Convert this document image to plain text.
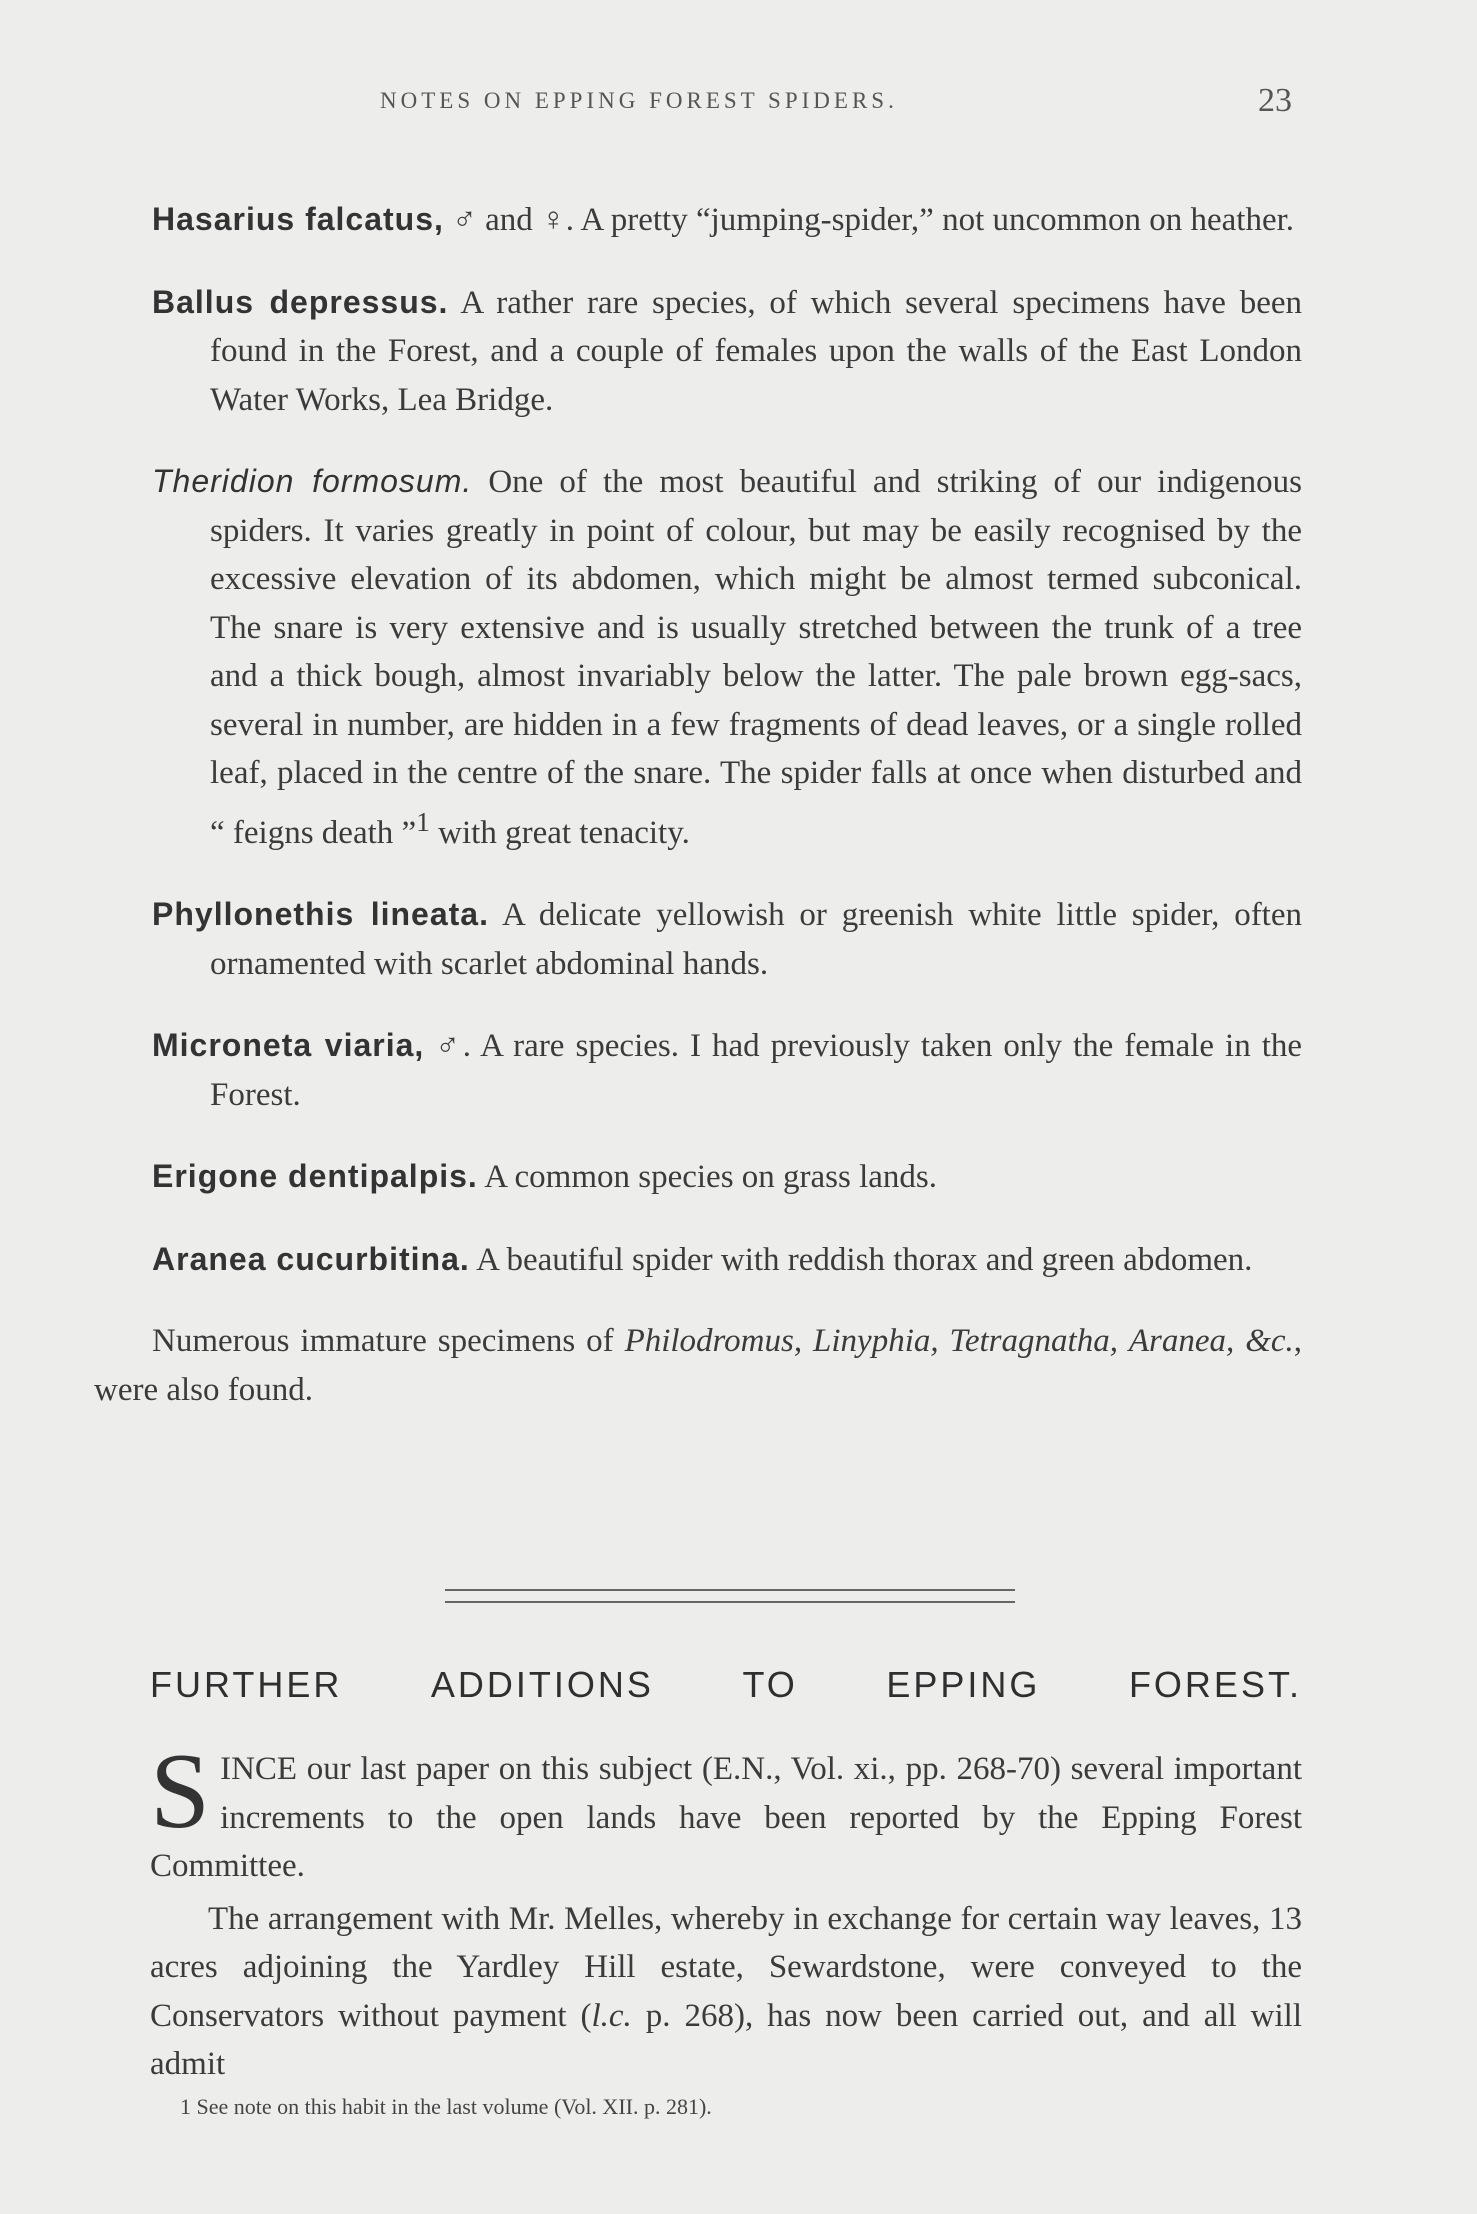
NOTES ON EPPING FOREST SPIDERS.	23

Hasarius falcatus, ♂ and ♀. A pretty “jumping-spider,” not uncommon on heather.

Ballus depressus. A rather rare species, of which several specimens have been found in the Forest, and a couple of females upon the walls of the East London Water Works, Lea Bridge.

Theridion formosum. One of the most beautiful and striking of our indigenous spiders. It varies greatly in point of colour, but may be easily recognised by the excessive elevation of its abdomen, which might be almost termed subconical. The snare is very extensive and is usually stretched between the trunk of a tree and a thick bough, almost invariably below the latter. The pale brown egg-sacs, several in number, are hidden in a few fragments of dead leaves, or a single rolled leaf, placed in the centre of the snare. The spider falls at once when disturbed and “ feigns death ”$^1$ with great tenacity.

Phyllonethis lineata. A delicate yellowish or greenish white little spider, often ornamented with scarlet abdominal hands.

Micronetа viaria, ♂. A rare species. I had previously taken only the female in the Forest.

Erigone dentipalpis. A common species on grass lands.

Aranea cucurbitina. A beautiful spider with reddish thorax and green abdomen.

Numerous immature specimens of Philodromus, Linyphia, Tetragnatha, Aranea, &c., were also found.

FURTHER ADDITIONS TO EPPING FOREST.

SINCE our last paper on this subject (E.N., Vol. xi., pp. 268-70) several important increments to the open lands have been reported by the Epping Forest Committee.

The arrangement with Mr. Melles, whereby in exchange for certain way leaves, 13 acres adjoining the Yardley Hill estate, Sewardstone, were conveyed to the Conservators without payment (l.c. p. 268), has now been carried out, and all will admit

1 See note on this habit in the last volume (Vol. XII. p. 281).
